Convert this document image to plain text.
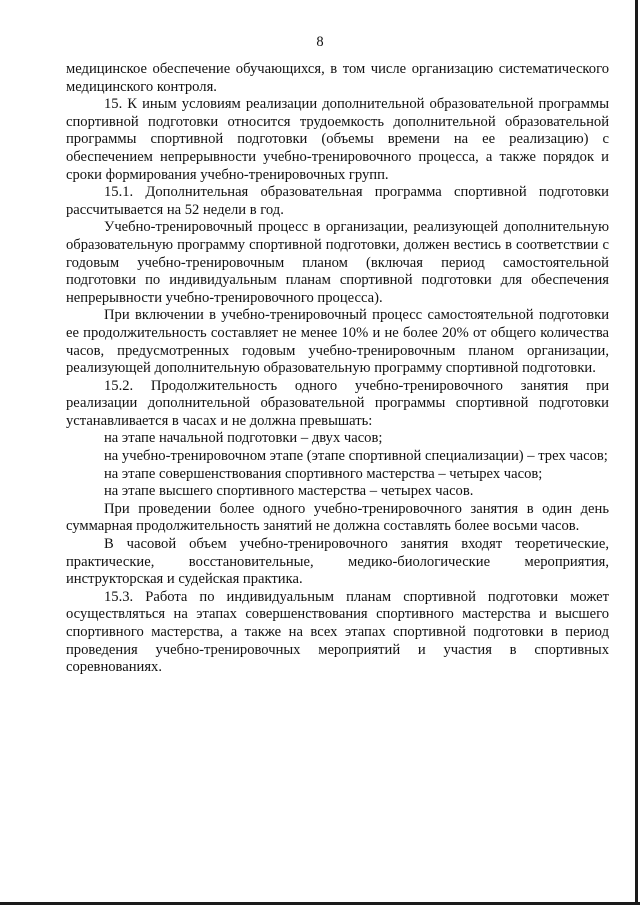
8

медицинское обеспечение обучающихся, в том числе организацию систематического медицинского контроля.

15. К иным условиям реализации дополнительной образовательной программы спортивной подготовки относится трудоемкость дополнительной образовательной программы спортивной подготовки (объемы времени на ее реализацию) с обеспечением непрерывности учебно-тренировочного процесса, а также порядок и сроки формирования учебно-тренировочных групп.

15.1. Дополнительная образовательная программа спортивной подготовки рассчитывается на 52 недели в год.

Учебно-тренировочный процесс в организации, реализующей дополнительную образовательную программу спортивной подготовки, должен вестись в соответствии с годовым учебно-тренировочным планом (включая период самостоятельной подготовки по индивидуальным планам спортивной подготовки для обеспечения непрерывности учебно-тренировочного процесса).

При включении в учебно-тренировочный процесс самостоятельной подготовки ее продолжительность составляет не менее 10% и не более 20% от общего количества часов, предусмотренных годовым учебно-тренировочным планом организации, реализующей дополнительную образовательную программу спортивной подготовки.

15.2. Продолжительность одного учебно-тренировочного занятия при реализации дополнительной образовательной программы спортивной подготовки устанавливается в часах и не должна превышать:

на этапе начальной подготовки – двух часов;

на учебно-тренировочном этапе (этапе спортивной специализации) – трех часов;

на этапе совершенствования спортивного мастерства – четырех часов;

на этапе высшего спортивного мастерства – четырех часов.

При проведении более одного учебно-тренировочного занятия в один день суммарная продолжительность занятий не должна составлять более восьми часов.

В часовой объем учебно-тренировочного занятия входят теоретические, практические, восстановительные, медико-биологические мероприятия, инструкторская и судейская практика.

15.3. Работа по индивидуальным планам спортивной подготовки может осуществляться на этапах совершенствования спортивного мастерства и высшего спортивного мастерства, а также на всех этапах спортивной подготовки в период проведения учебно-тренировочных мероприятий и участия в спортивных соревнованиях.
